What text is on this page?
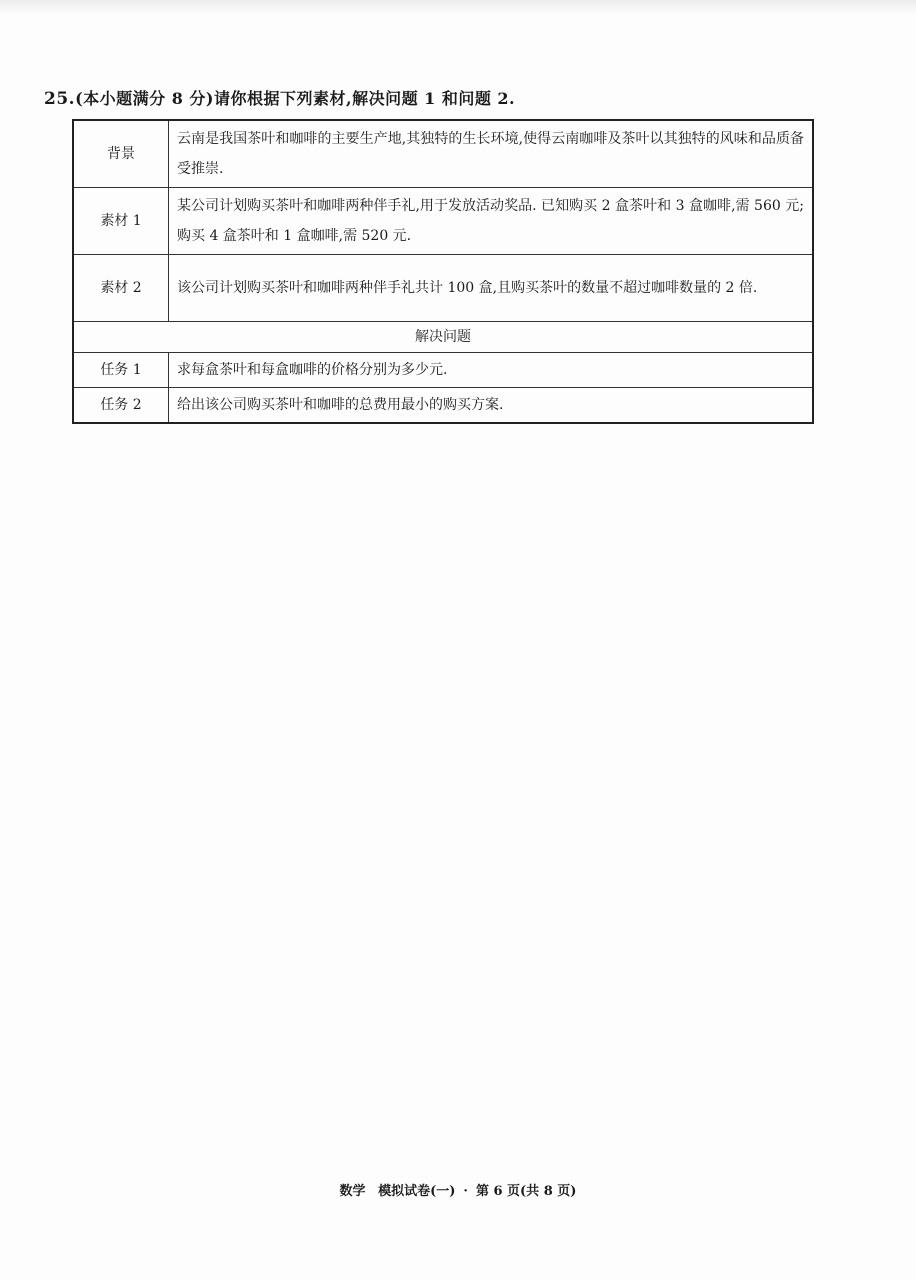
25.(本小题满分 8 分)请你根据下列素材,解决问题 1 和问题 2.
背景	云南是我国茶叶和咖啡的主要生产地,其独特的生长环境,使得云南咖啡及茶叶以其独特的风味和品质备受推崇.
素材 1	某公司计划购买茶叶和咖啡两种伴手礼,用于发放活动奖品. 已知购买 2 盒茶叶和 3 盒咖啡,需 560 元;购买 4 盒茶叶和 1 盒咖啡,需 520 元.
素材 2	该公司计划购买茶叶和咖啡两种伴手礼共计 100 盒,且购买茶叶的数量不超过咖啡数量的 2 倍.
解决问题	
任务 1	求每盒茶叶和每盒咖啡的价格分别为多少元.
任务 2	给出该公司购买茶叶和咖啡的总费用最小的购买方案.
数学 模拟试卷(一) · 第 6 页(共 8 页)
